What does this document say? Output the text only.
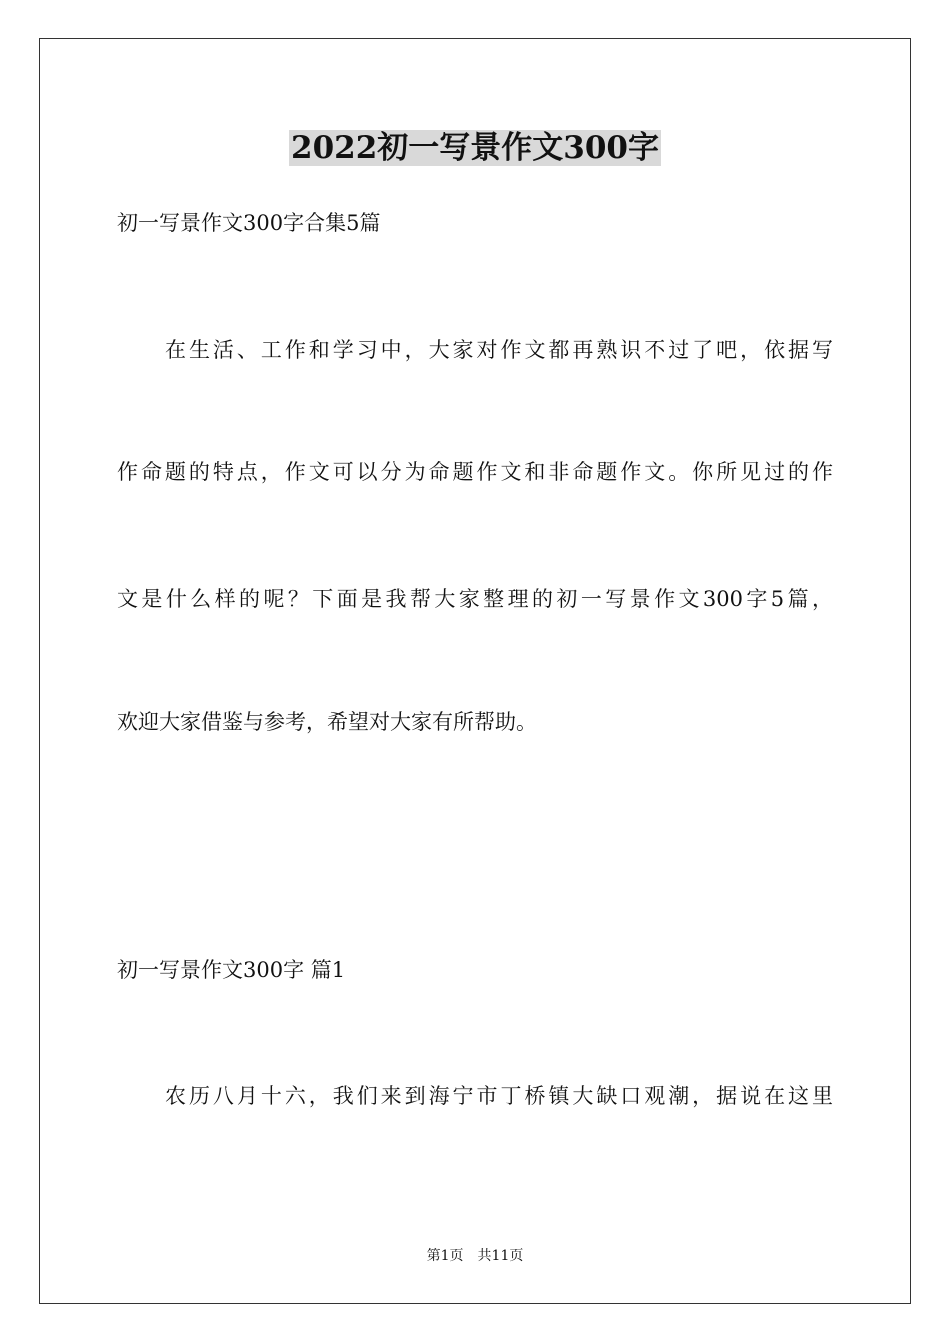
2022初一写景作文300字
初一写景作文300字合集5篇
在生活、工作和学习中，大家对作文都再熟识不过了吧，依据写
作命题的特点，作文可以分为命题作文和非命题作文。你所见过的作
文是什么样的呢？下面是我帮大家整理的初一写景作文300字5篇，
欢迎大家借鉴与参考，希望对大家有所帮助。
初一写景作文300字 篇1
农历八月十六，我们来到海宁市丁桥镇大缺口观潮，据说在这里
第1页 共11页
